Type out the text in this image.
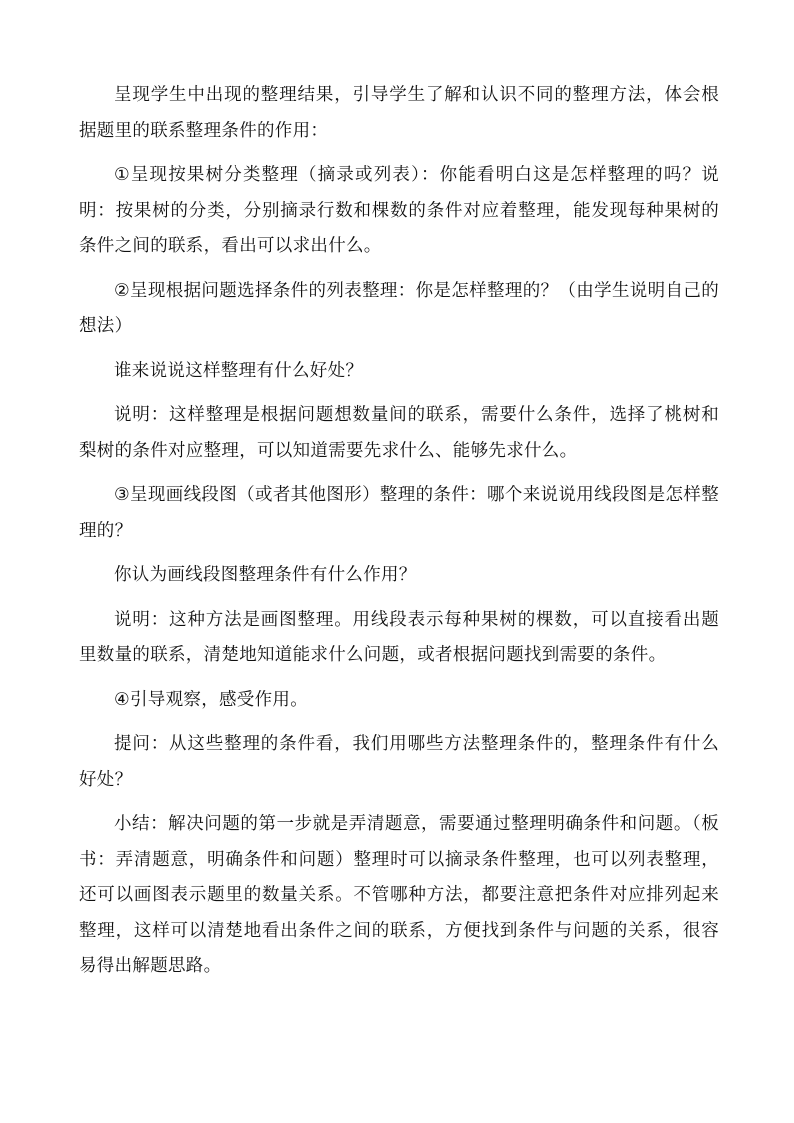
呈现学生中出现的整理结果，引导学生了解和认识不同的整理方法，体会根据题里的联系整理条件的作用：

①呈现按果树分类整理（摘录或列表）：你能看明白这是怎样整理的吗？说明：按果树的分类，分别摘录行数和棵数的条件对应着整理，能发现每种果树的条件之间的联系，看出可以求出什么。

②呈现根据问题选择条件的列表整理：你是怎样整理的？（由学生说明自己的想法）

谁来说说这样整理有什么好处？

说明：这样整理是根据问题想数量间的联系，需要什么条件，选择了桃树和梨树的条件对应整理，可以知道需要先求什么、能够先求什么。

③呈现画线段图（或者其他图形）整理的条件：哪个来说说用线段图是怎样整理的？

你认为画线段图整理条件有什么作用？

说明：这种方法是画图整理。用线段表示每种果树的棵数，可以直接看出题里数量的联系，清楚地知道能求什么问题，或者根据问题找到需要的条件。

④引导观察，感受作用。

提问：从这些整理的条件看，我们用哪些方法整理条件的，整理条件有什么好处？

小结：解决问题的第一步就是弄清题意，需要通过整理明确条件和问题。（板书：弄清题意，明确条件和问题）整理时可以摘录条件整理，也可以列表整理，还可以画图表示题里的数量关系。不管哪种方法，都要注意把条件对应排列起来整理，这样可以清楚地看出条件之间的联系，方便找到条件与问题的关系，很容易得出解题思路。
